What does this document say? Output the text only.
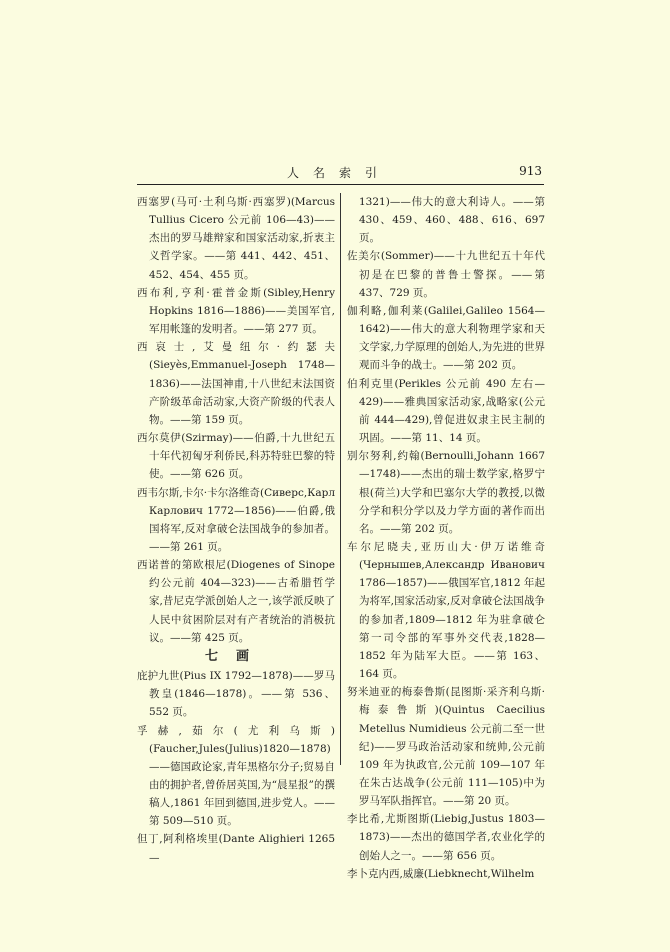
人名索引	913

西塞罗(马可·土利乌斯·西塞罗)(Marcus Tullius Cicero 公元前 106—43)——杰出的罗马雄辩家和国家活动家,折衷主义哲学家。——第 441、442、451、452、454、455 页。

西布利,亨利·霍普金斯(Sibley,Henry Hopkins 1816—1886)——美国军官,军用帐篷的发明者。——第 277 页。

西哀士,艾曼纽尔·约瑟夫(Sieyès,Emmanuel-Joseph 1748—1836)——法国神甫,十八世纪末法国资产阶级革命活动家,大资产阶级的代表人物。——第 159 页。

西尔莫伊(Szirmay)——伯爵,十九世纪五十年代初匈牙利侨民,科苏特驻巴黎的特使。——第 626 页。

西韦尔斯,卡尔·卡尔洛维奇(Сиверс,Карл Карлович 1772—1856)——伯爵,俄国将军,反对拿破仑法国战争的参加者。——第 261 页。

西诺普的第欧根尼(Diogenes of Sinope 约公元前 404—323)——古希腊哲学家,昔尼克学派创始人之一,该学派反映了人民中贫困阶层对有产者统治的消极抗议。——第 425 页。

七画

庇护九世(Pius IX 1792—1878)——罗马教皇(1846—1878)。——第 536、552 页。

孚赫,茹尔(尤利乌斯)(Faucher,Jules(Julius)1820—1878)——德国政论家,青年黑格尔分子;贸易自由的拥护者,曾侨居英国,为“晨星报”的撰稿人,1861 年回到德国,进步党人。——第 509—510 页。

但丁,阿利格埃里(Dante Alighieri 1265—

1321)——伟大的意大利诗人。——第 430、459、460、488、616、697 页。

佐美尔(Sommer)——十九世纪五十年代初是在巴黎的普鲁士警探。——第 437、729 页。

伽利略,伽利莱(Galilei,Galileo 1564—1642)——伟大的意大利物理学家和天文学家,力学原理的创始人,为先进的世界观而斗争的战士。——第 202 页。

伯利克里(Perikles 公元前 490 左右—429)——雅典国家活动家,战略家(公元前 444—429),曾促进奴隶主民主制的巩固。——第 11、14 页。

别尔努利,约翰(Bernoulli,Johann 1667—1748)——杰出的瑞士数学家,格罗宁根(荷兰)大学和巴塞尔大学的教授,以微分学和积分学以及力学方面的著作而出名。——第 202 页。

车尔尼晓夫,亚历山大·伊万诺维奇(Чернышев,Александр Иванович 1786—1857)——俄国军官,1812 年起为将军,国家活动家,反对拿破仑法国战争的参加者,1809—1812 年为驻拿破仑第一司令部的军事外交代表,1828—1852 年为陆军大臣。——第 163、164 页。

努米迪亚的梅泰鲁斯(昆图斯·采齐利乌斯·梅泰鲁斯)(Quintus Caecilius Metellus Numidieus 公元前二至一世纪)——罗马政治活动家和统帅,公元前 109 年为执政官,公元前 109—107 年在朱古达战争(公元前 111—105)中为罗马军队指挥官。——第 20 页。

李比希,尤斯图斯(Liebig,Justus 1803—1873)——杰出的德国学者,农业化学的创始人之一。——第 656 页。

李卜克内西,威廉(Liebknecht,Wilhelm
